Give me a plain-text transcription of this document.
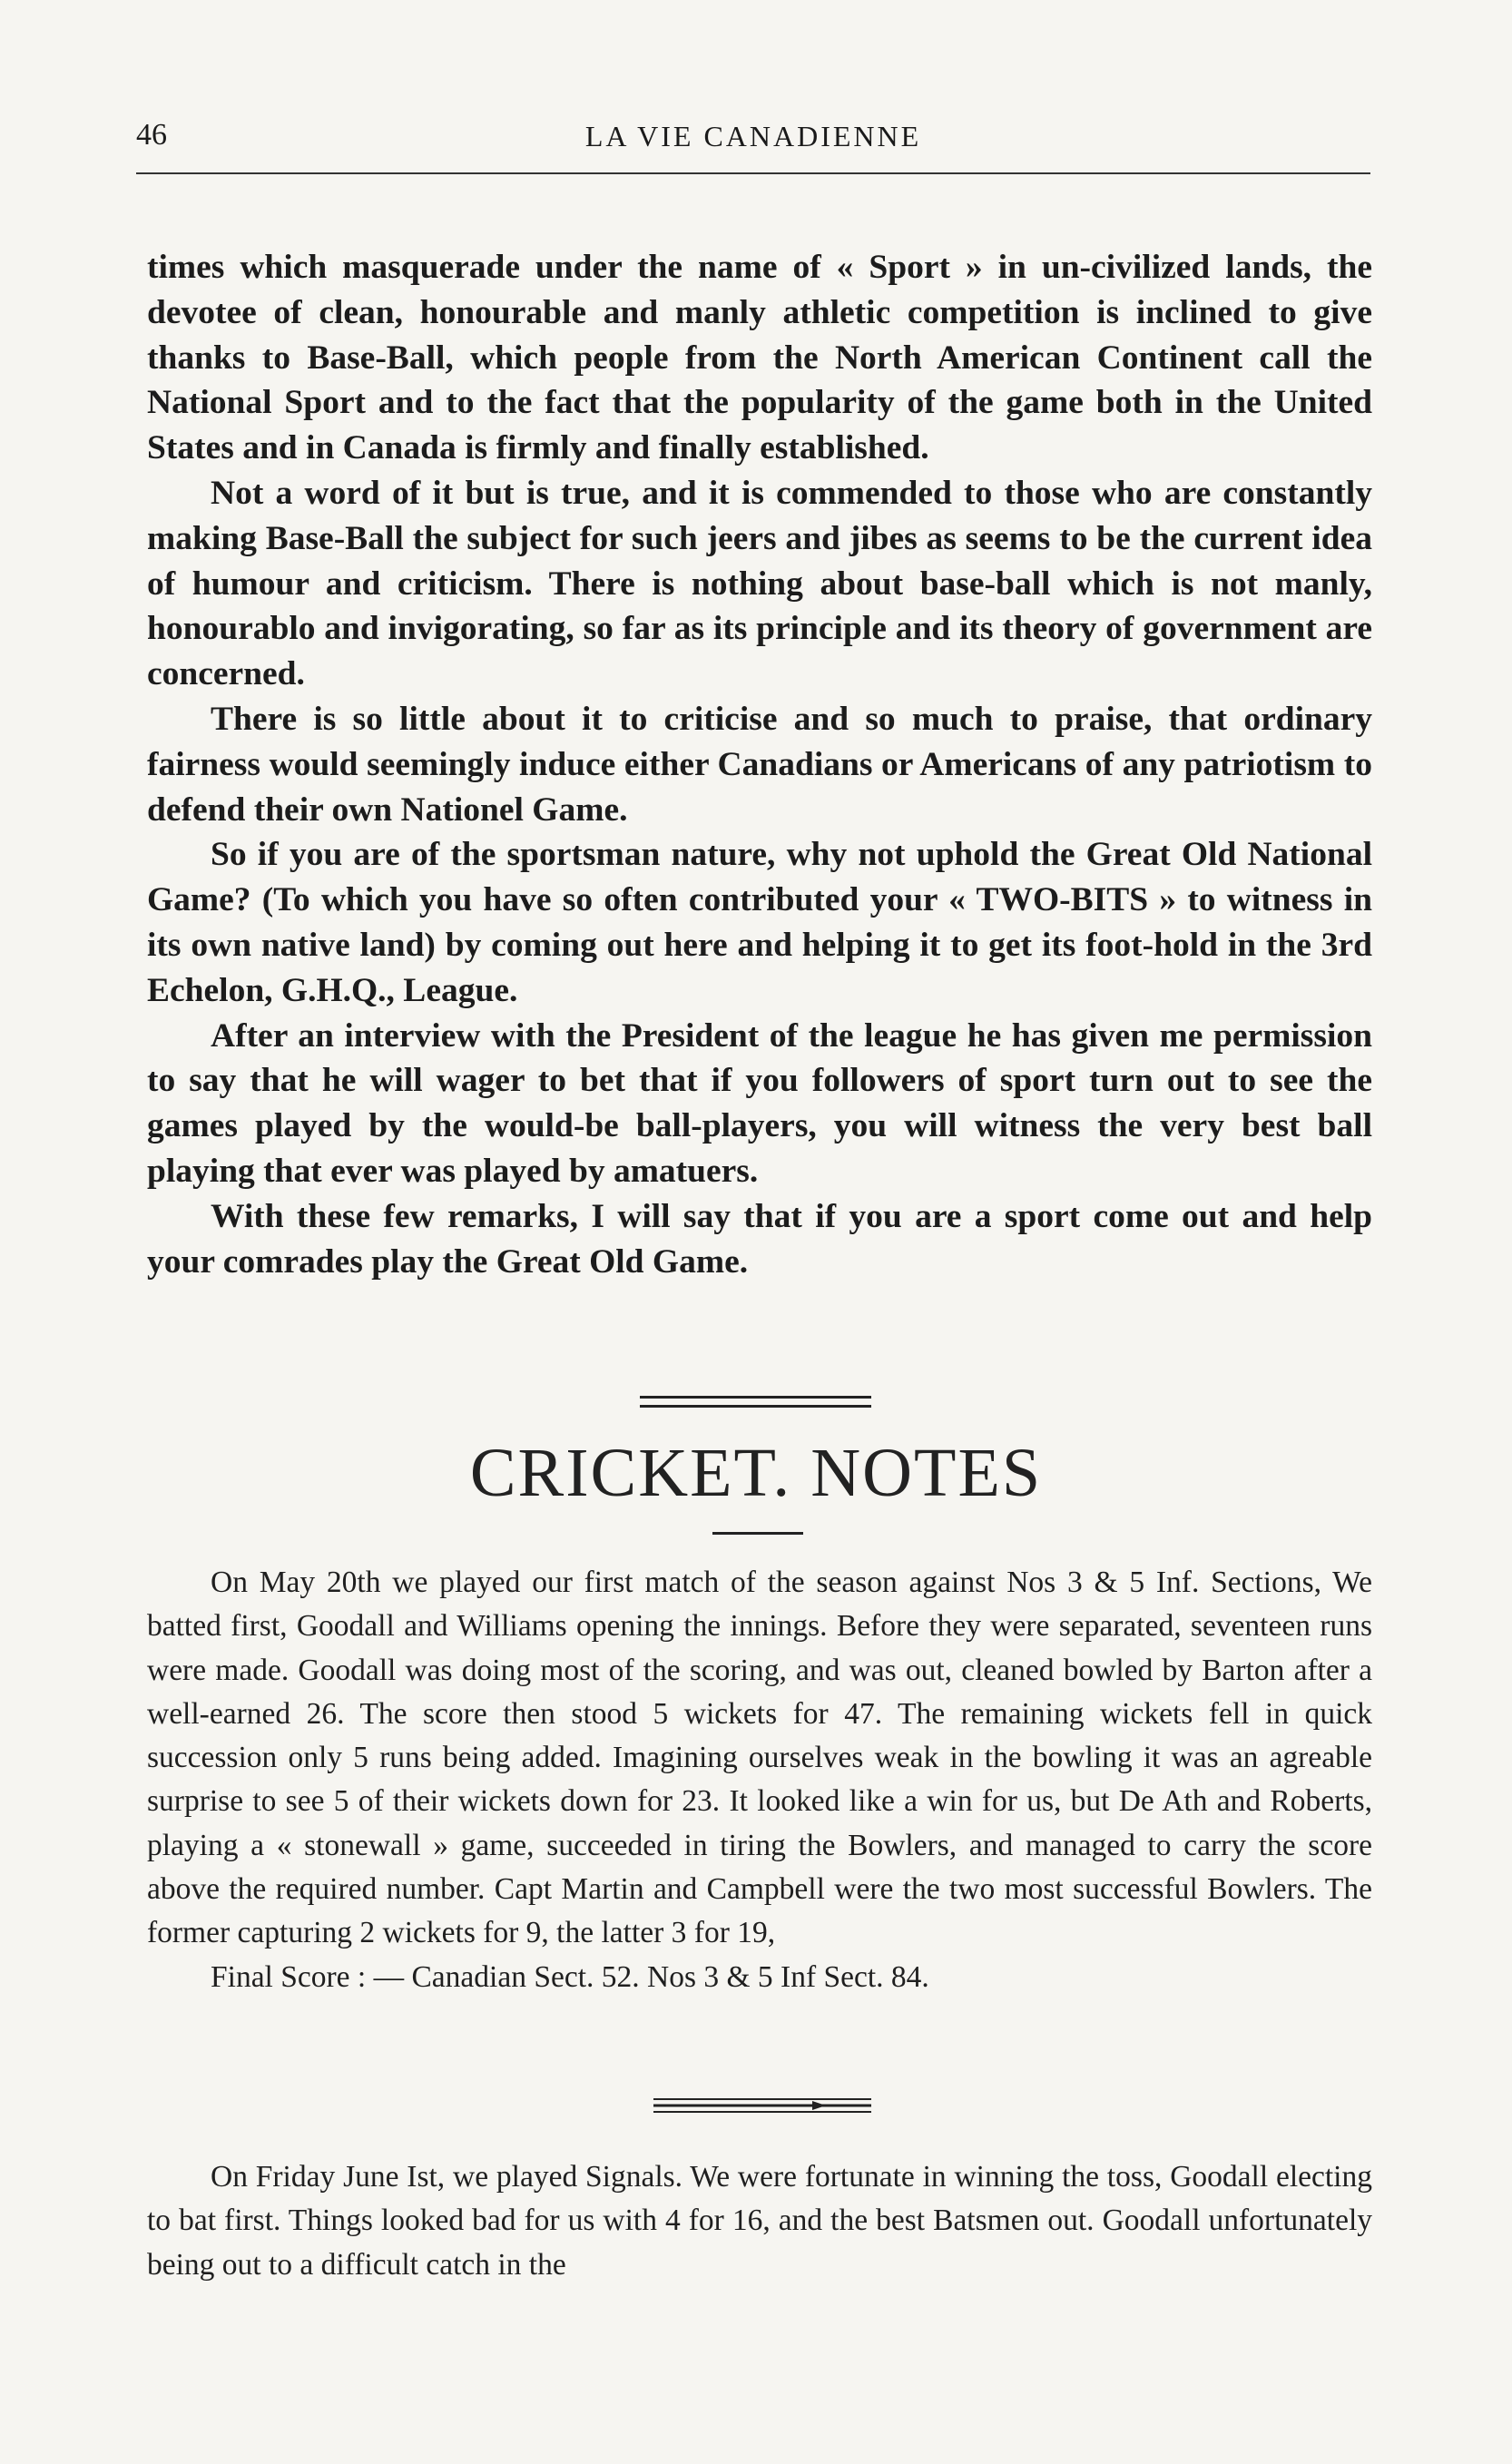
46	LA VIE CANADIENNE

times which masquerade under the name of « Sport » in un-civilized lands, the devotee of clean, honourable and manly athletic competition is inclined to give thanks to Base-Ball, which people from the North American Continent call the National Sport and to the fact that the popularity of the game both in the United States and in Canada is firmly and finally established.

Not a word of it but is true, and it is commended to those who are constantly making Base-Ball the subject for such jeers and jibes as seems to be the current idea of humour and criticism. There is nothing about base-ball which is not manly, honourablo and invigorating, so far as its principle and its theory of government are concerned.

There is so little about it to criticise and so much to praise, that ordinary fairness would seemingly induce either Canadians or Americans of any patriotism to defend their own Nationel Game.

So if you are of the sportsman nature, why not uphold the Great Old National Game? (To which you have so often contributed your « TWO-BITS » to witness in its own native land) by coming out here and helping it to get its foot-hold in the 3rd Echelon, G.H.Q., League.

After an interview with the President of the league he has given me permission to say that he will wager to bet that if you followers of sport turn out to see the games played by the would-be ball-players, you will witness the very best ball playing that ever was played by amatuers.

With these few remarks, I will say that if you are a sport come out and help your comrades play the Great Old Game.

CRICKET. NOTES

On May 20th we played our first match of the season against Nos 3 & 5 Inf. Sections, We batted first, Goodall and Williams opening the innings. Before they were separated, seventeen runs were made. Goodall was doing most of the scoring, and was out, cleaned bowled by Barton after a well-earned 26. The score then stood 5 wickets for 47. The remaining wickets fell in quick succession only 5 runs being added. Imagining ourselves weak in the bowling it was an agreable surprise to see 5 of their wickets down for 23. It looked like a win for us, but De Ath and Roberts, playing a « stonewall » game, succeeded in tiring the Bowlers, and managed to carry the score above the required number. Capt Martin and Campbell were the two most successful Bowlers. The former capturing 2 wickets for 9, the latter 3 for 19,

Final Score : — Canadian Sect. 52. Nos 3 & 5 Inf Sect. 84.

On Friday June Ist, we played Signals. We were fortunate in winning the toss, Goodall electing to bat first. Things looked bad for us with 4 for 16, and the best Batsmen out. Goodall unfortunately being out to a difficult catch in the
